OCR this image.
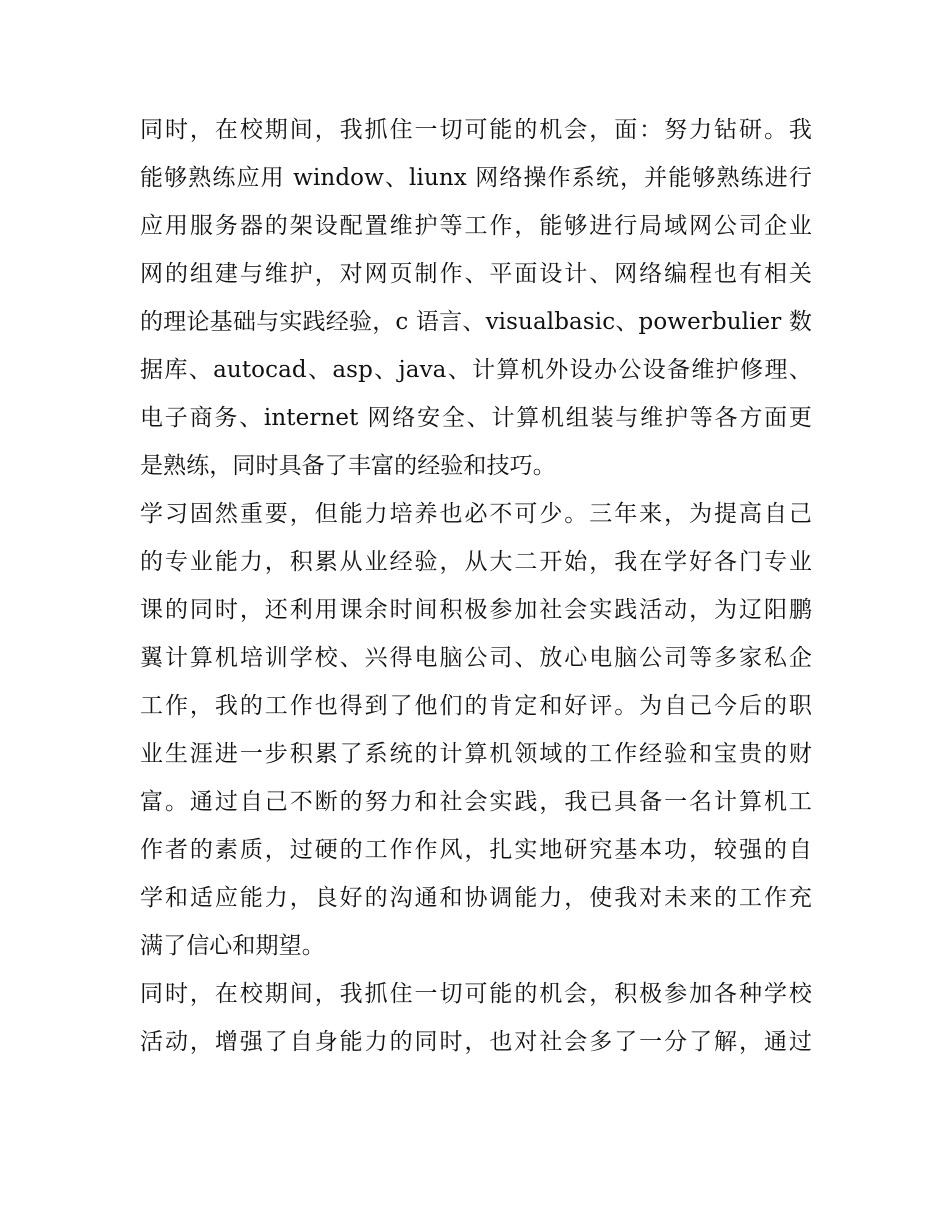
同时，在校期间，我抓住一切可能的机会，面：努力钻研。我
能够熟练应用 window、liunx 网络操作系统，并能够熟练进行
应用服务器的架设配置维护等工作，能够进行局域网公司企业
网的组建与维护，对网页制作、平面设计、网络编程也有相关
的理论基础与实践经验，c 语言、visualbasic、powerbulier 数
据库、autocad、asp、java、计算机外设办公设备维护修理、
电子商务、internet 网络安全、计算机组装与维护等各方面更
是熟练，同时具备了丰富的经验和技巧。
学习固然重要，但能力培养也必不可少。三年来，为提高自己
的专业能力，积累从业经验，从大二开始，我在学好各门专业
课的同时，还利用课余时间积极参加社会实践活动，为辽阳鹏
翼计算机培训学校、兴得电脑公司、放心电脑公司等多家私企
工作，我的工作也得到了他们的肯定和好评。为自己今后的职
业生涯进一步积累了系统的计算机领域的工作经验和宝贵的财
富。通过自己不断的努力和社会实践，我已具备一名计算机工
作者的素质，过硬的工作作风，扎实地研究基本功，较强的自
学和适应能力，良好的沟通和协调能力，使我对未来的工作充
满了信心和期望。
同时，在校期间，我抓住一切可能的机会，积极参加各种学校
活动，增强了自身能力的同时，也对社会多了一分了解，通过
